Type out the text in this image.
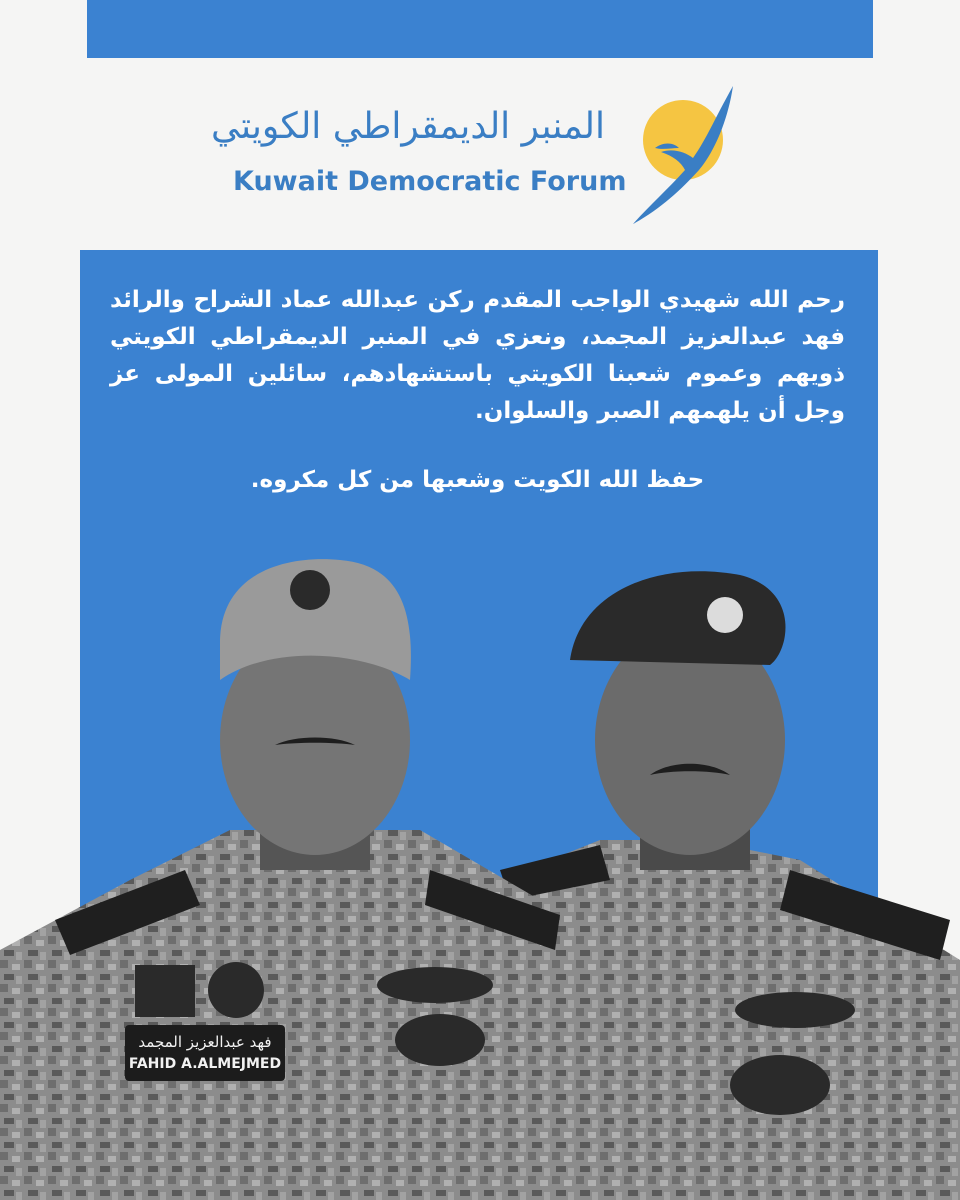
المنبر الديمقراطي الكويتي
Kuwait Democratic Forum
رحم الله شهيدي الواجب المقدم ركن عبدالله عماد الشراح والرائد فهد عبدالعزيز المجمد، ونعزي في المنبر الديمقراطي الكويتي ذويهم وعموم شعبنا الكويتي باستشهادهم، سائلين المولى عز وجل أن يلهمهم الصبر والسلوان.
حفظ الله الكويت وشعبها من كل مكروه.
فهد عبدالعزيز المجمد
FAHID A.ALMEJMED
